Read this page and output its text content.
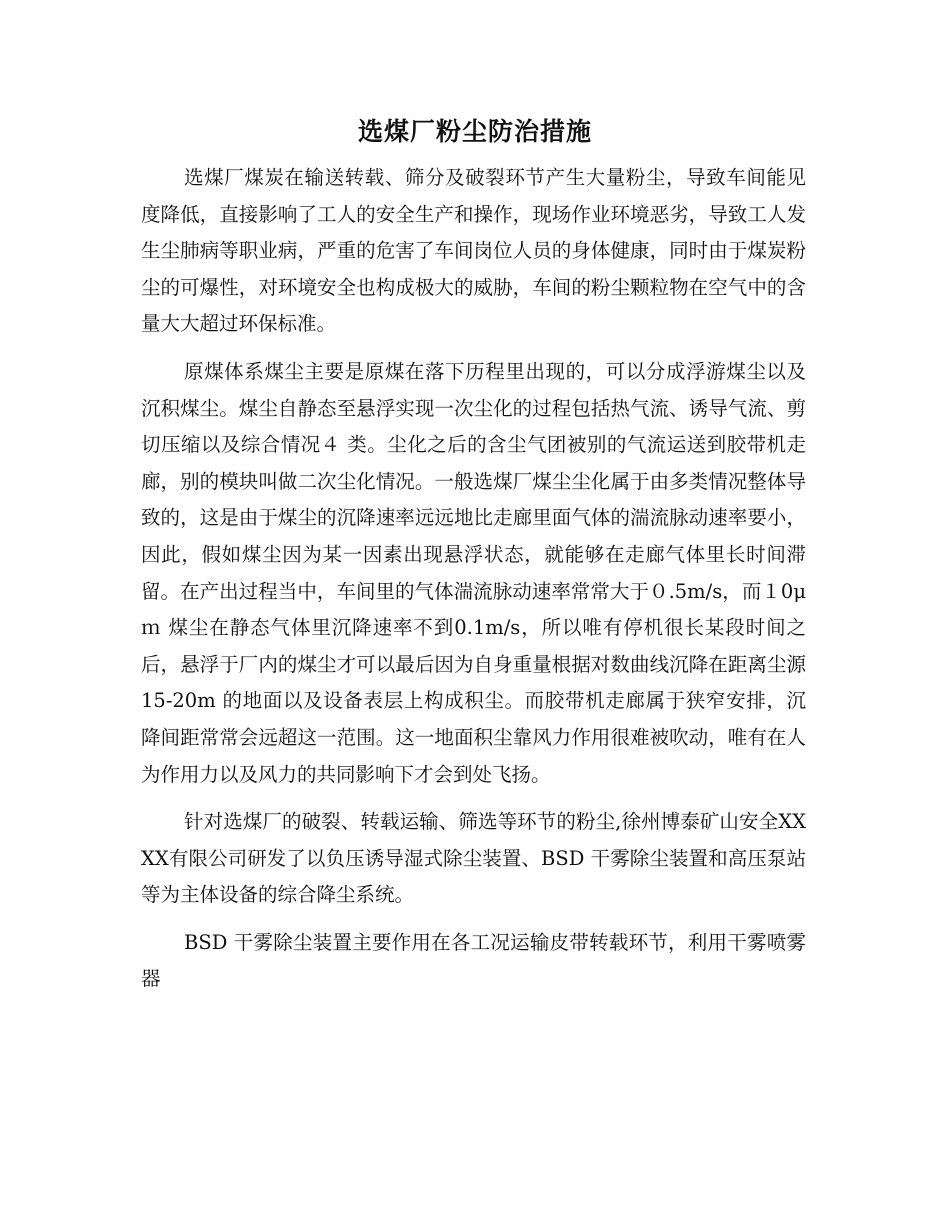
选煤厂粉尘防治措施

选煤厂煤炭在输送转载、筛分及破裂环节产生大量粉尘，导致车间能见度降低，直接影响了工人的安全生产和操作，现场作业环境恶劣，导致工人发生尘肺病等职业病，严重的危害了车间岗位人员的身体健康，同时由于煤炭粉尘的可爆性，对环境安全也构成极大的威胁，车间的粉尘颗粒物在空气中的含量大大超过环保标准。

原煤体系煤尘主要是原煤在落下历程里出现的，可以分成浮游煤尘以及沉积煤尘。煤尘自静态至悬浮实现一次尘化的过程包括热气流、诱导气流、剪切压缩以及综合情况４ 类。尘化之后的含尘气团被别的气流运送到胶带机走廊，别的模块叫做二次尘化情况。一般选煤厂煤尘尘化属于由多类情况整体导致的，这是由于煤尘的沉降速率远远地比走廊里面气体的湍流脉动速率要小，因此，假如煤尘因为某一因素出现悬浮状态，就能够在走廊气体里长时间滞留。在产出过程当中，车间里的气体湍流脉动速率常常大于０.5m/s，而１0μｍ 煤尘在静态气体里沉降速率不到0.1m/s，所以唯有停机很长某段时间之后，悬浮于厂内的煤尘才可以最后因为自身重量根据对数曲线沉降在距离尘源15-20m 的地面以及设备表层上构成积尘。而胶带机走廊属于狭窄安排，沉降间距常常会远超这一范围。这一地面积尘靠风力作用很难被吹动，唯有在人为作用力以及风力的共同影响下才会到处飞扬。

针对选煤厂的破裂、转载运输、筛选等环节的粉尘,徐州博泰矿山安全XXXX有限公司研发了以负压诱导湿式除尘装置、BSD 干雾除尘装置和高压泵站等为主体设备的综合降尘系统。

BSD 干雾除尘装置主要作用在各工况运输皮带转载环节，利用干雾喷雾器
